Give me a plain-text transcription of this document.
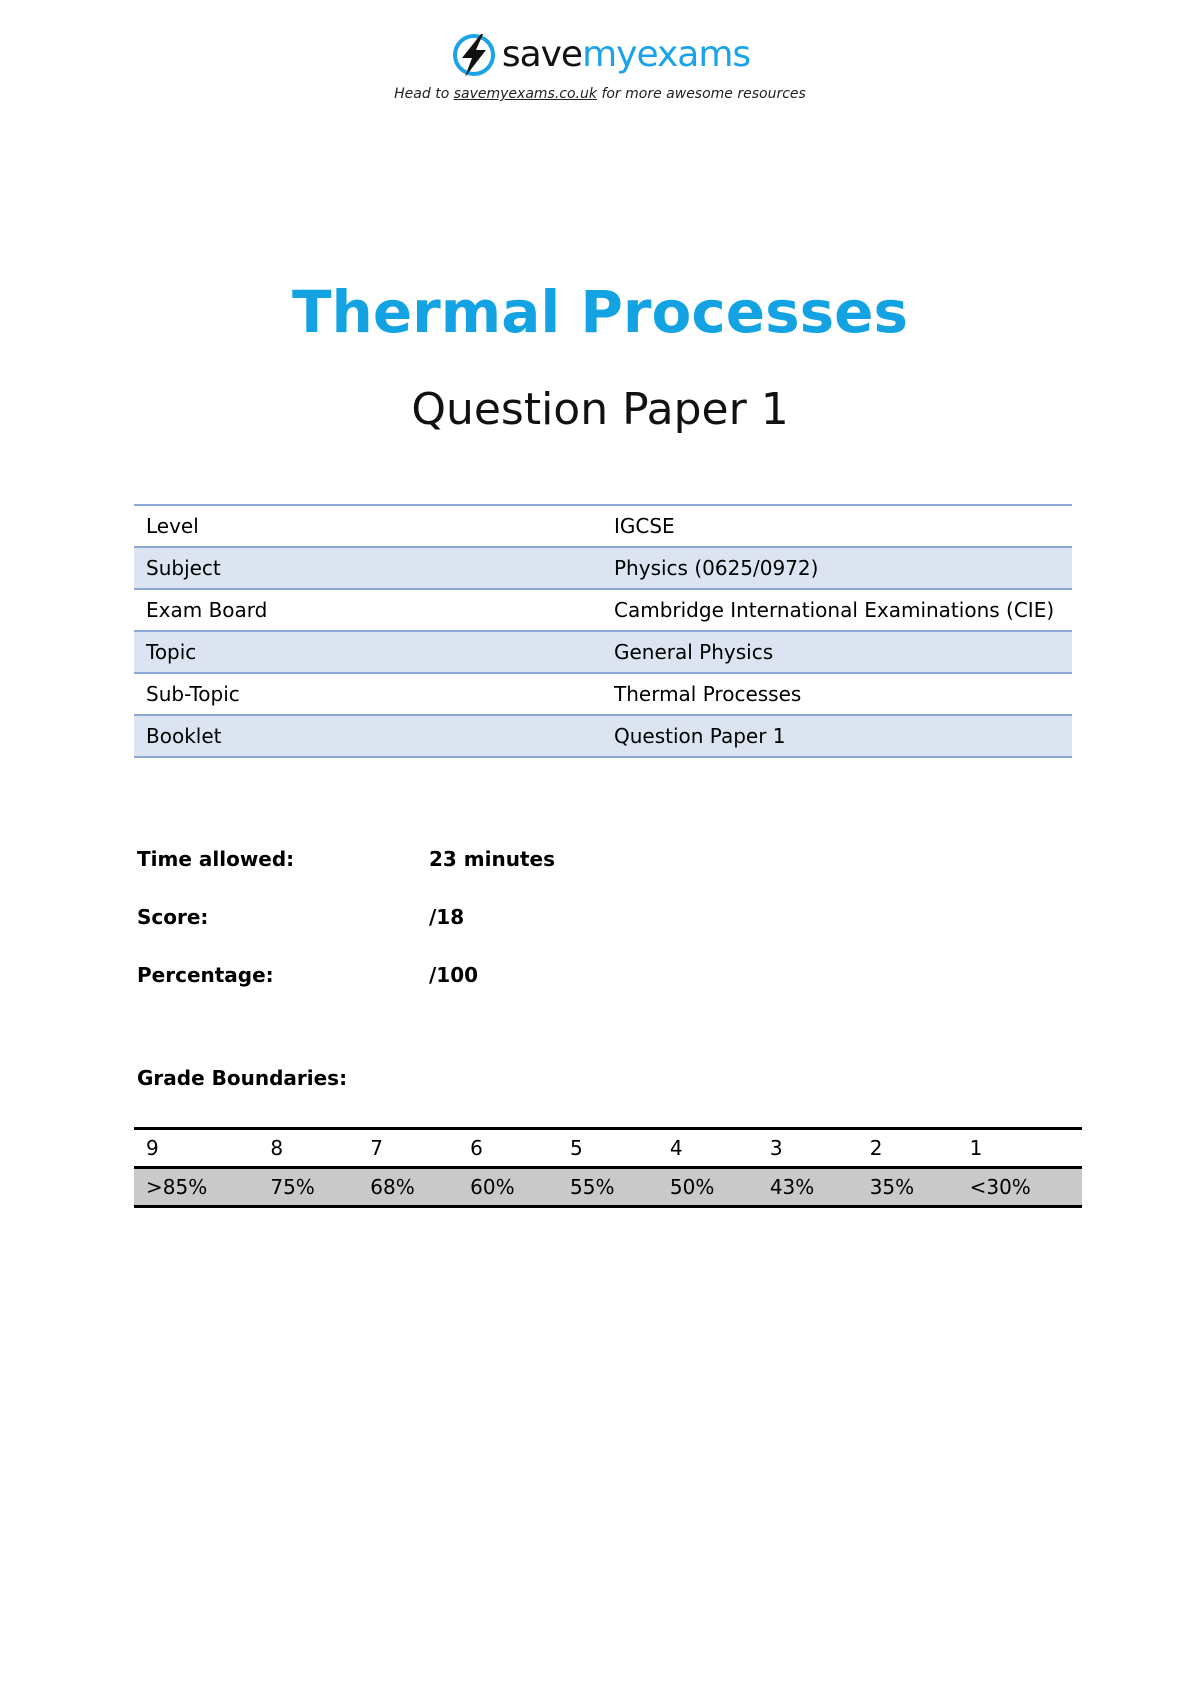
savemyexams
Head to savemyexams.co.uk for more awesome resources
Thermal Processes
Question Paper 1
Level	IGCSE
Subject	Physics (0625/0972)
Exam Board	Cambridge International Examinations (CIE)
Topic	General Physics
Sub-Topic	Thermal Processes
Booklet	Question Paper 1
Time allowed:	23 minutes
Score:	/18
Percentage:	/100
Grade Boundaries:
9	8	7	6	5	4	3	2	1
>85%	75%	68%	60%	55%	50%	43%	35%	<30%
